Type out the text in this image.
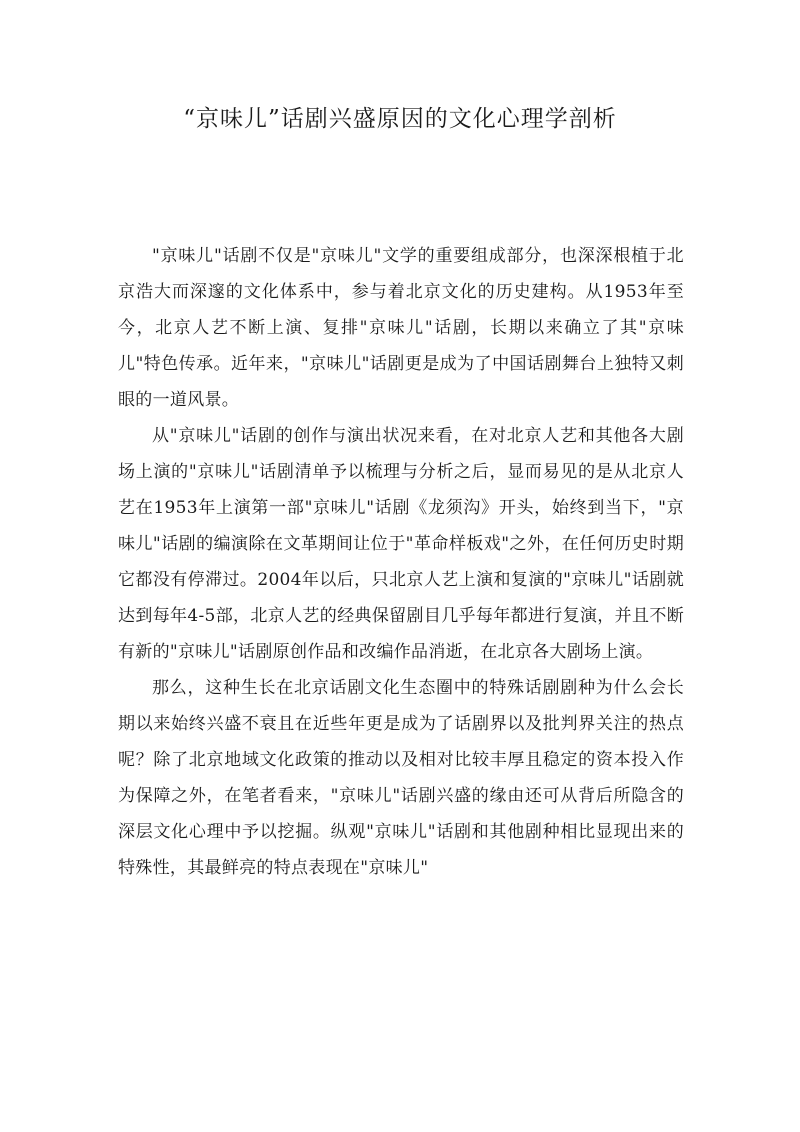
“京味儿”话剧兴盛原因的文化心理学剖析

"京味儿"话剧不仅是"京味儿"文学的重要组成部分，也深深根植于北京浩大而深邃的文化体系中，参与着北京文化的历史建构。从1953年至今，北京人艺不断上演、复排"京味儿"话剧，长期以来确立了其"京味儿"特色传承。近年来，"京味儿"话剧更是成为了中国话剧舞台上独特又刺眼的一道风景。

从"京味儿"话剧的创作与演出状况来看，在对北京人艺和其他各大剧场上演的"京味儿"话剧清单予以梳理与分析之后，显而易见的是从北京人艺在1953年上演第一部"京味儿"话剧《龙须沟》开头，始终到当下，"京味儿"话剧的编演除在文革期间让位于"革命样板戏"之外，在任何历史时期它都没有停滞过。2004年以后，只北京人艺上演和复演的"京味儿"话剧就达到每年4-5部，北京人艺的经典保留剧目几乎每年都进行复演，并且不断有新的"京味儿"话剧原创作品和改编作品消逝，在北京各大剧场上演。

那么，这种生长在北京话剧文化生态圈中的特殊话剧剧种为什么会长期以来始终兴盛不衰且在近些年更是成为了话剧界以及批判界关注的热点呢？除了北京地域文化政策的推动以及相对比较丰厚且稳定的资本投入作为保障之外，在笔者看来，"京味儿"话剧兴盛的缘由还可从背后所隐含的深层文化心理中予以挖掘。纵观"京味儿"话剧和其他剧种相比显现出来的特殊性，其最鲜亮的特点表现在"京味儿"
